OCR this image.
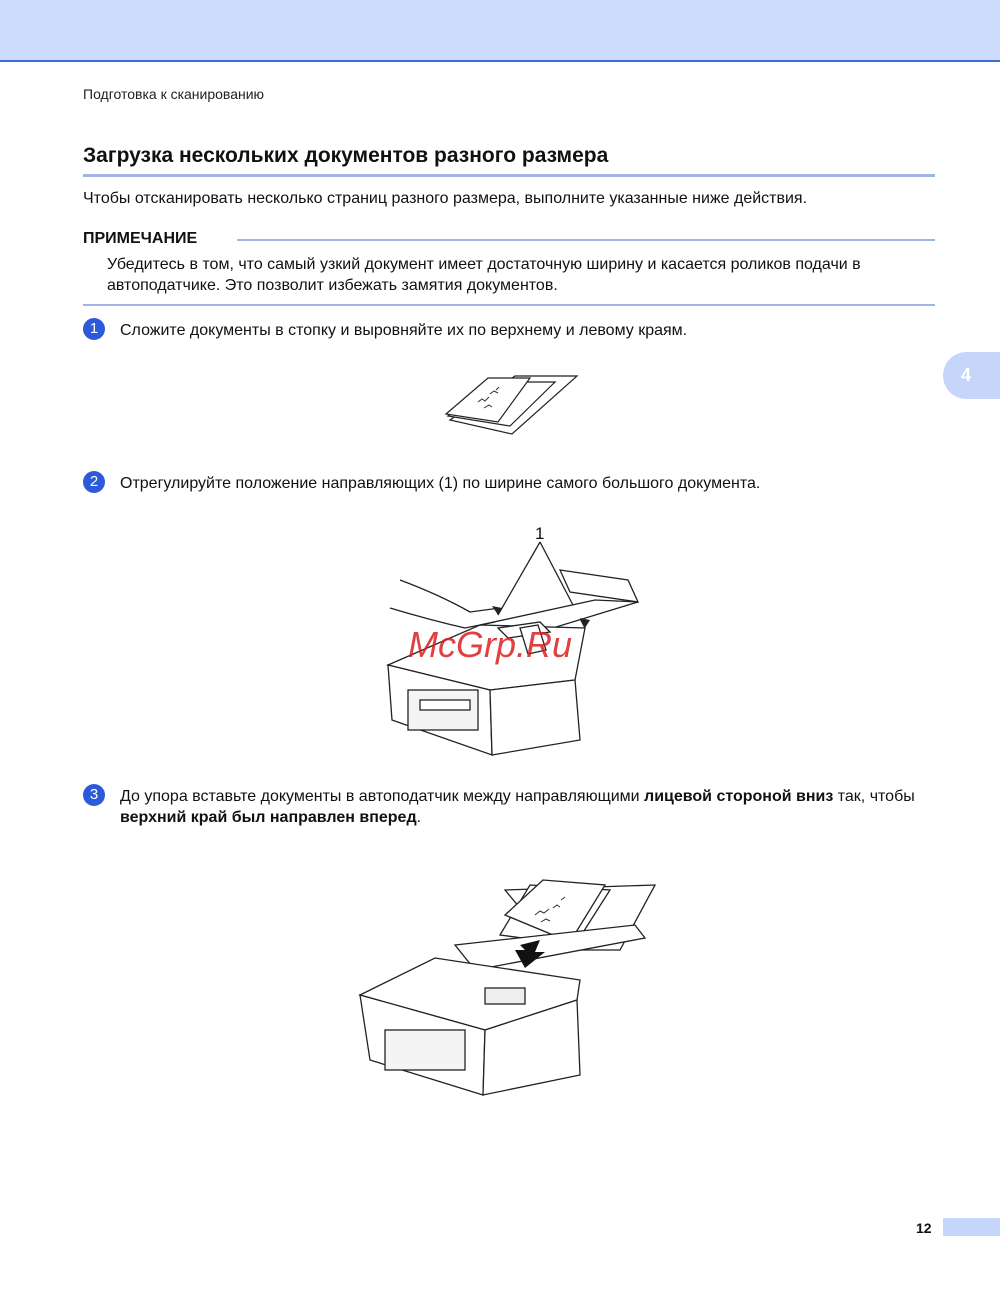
Подготовка к сканированию
Загрузка нескольких документов разного размера
Чтобы отсканировать несколько страниц разного размера, выполните указанные ниже действия.
ПРИМЕЧАНИЕ
Убедитесь в том, что самый узкий документ имеет достаточную ширину и касается роликов подачи в автоподатчике. Это позволит избежать замятия документов.
4
1	Сложите документы в стопку и выровняйте их по верхнему и левому краям.
2	Отрегулируйте положение направляющих (1) по ширине самого большого документа.
1
McGrp.Ru
3	До упора вставьте документы в автоподатчик между направляющими лицевой стороной вниз так, чтобы верхний край был направлен вперед.
12
